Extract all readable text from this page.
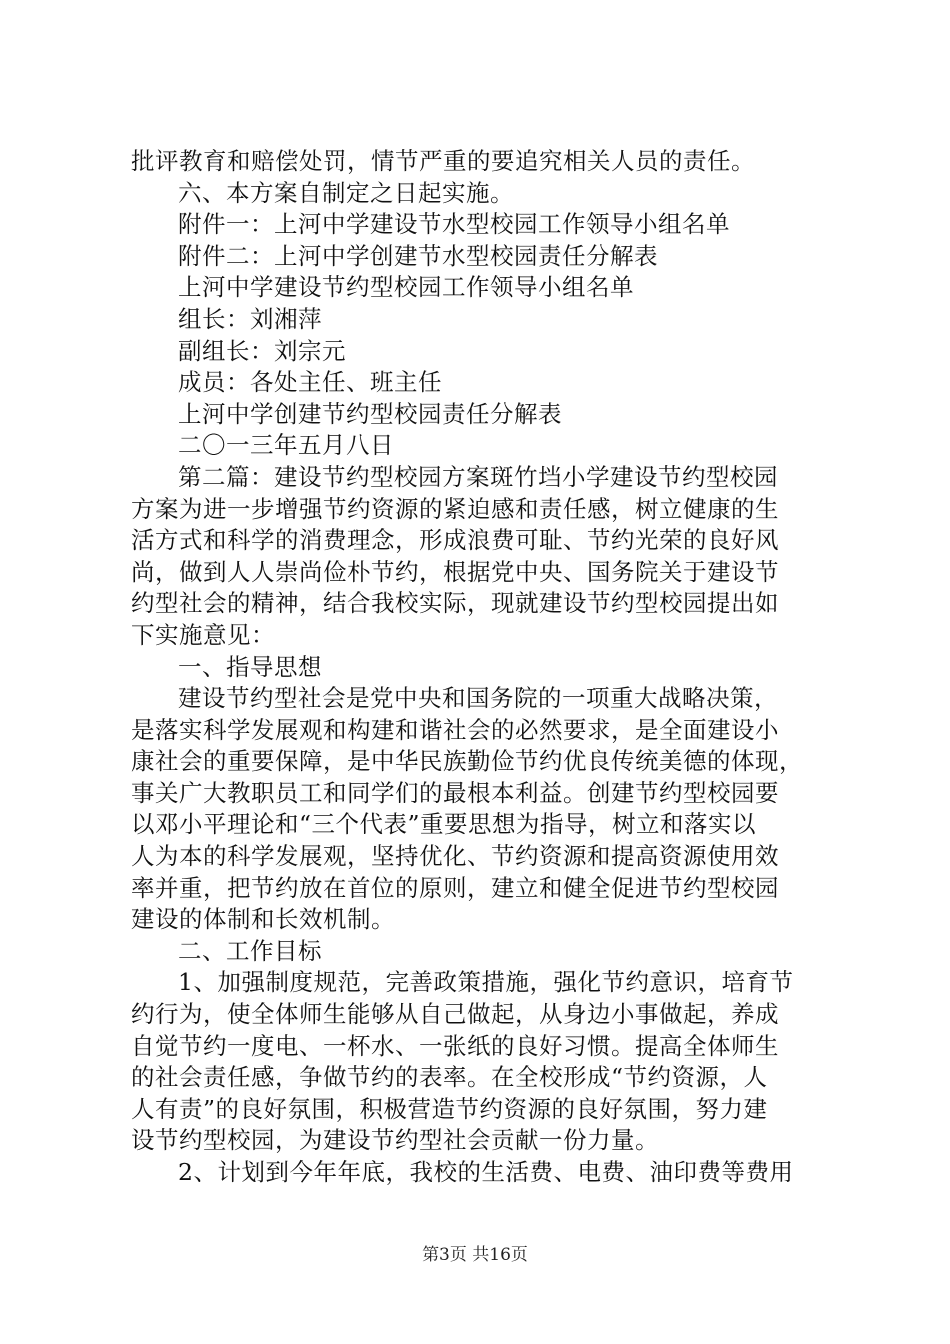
批评教育和赔偿处罚，情节严重的要追究相关人员的责任。
六、本方案自制定之日起实施。
附件一：上河中学建设节水型校园工作领导小组名单
附件二：上河中学创建节水型校园责任分解表
上河中学建设节约型校园工作领导小组名单
组长：刘湘萍
副组长：刘宗元
成员：各处主任、班主任
上河中学创建节约型校园责任分解表
二〇一三年五月八日
第二篇：建设节约型校园方案斑竹垱小学建设节约型校园
方案为进一步增强节约资源的紧迫感和责任感，树立健康的生
活方式和科学的消费理念，形成浪费可耻、节约光荣的良好风
尚，做到人人崇尚俭朴节约，根据党中央、国务院关于建设节
约型社会的精神，结合我校实际，现就建设节约型校园提出如
下实施意见：
一、指导思想
建设节约型社会是党中央和国务院的一项重大战略决策，
是落实科学发展观和构建和谐社会的必然要求，是全面建设小
康社会的重要保障，是中华民族勤俭节约优良传统美德的体现，
事关广大教职员工和同学们的最根本利益。创建节约型校园要
以邓小平理论和“三个代表”重要思想为指导，树立和落实以
人为本的科学发展观，坚持优化、节约资源和提高资源使用效
率并重，把节约放在首位的原则，建立和健全促进节约型校园
建设的体制和长效机制。
二、工作目标
1、加强制度规范，完善政策措施，强化节约意识，培育节
约行为，使全体师生能够从自己做起，从身边小事做起，养成
自觉节约一度电、一杯水、一张纸的良好习惯。提高全体师生
的社会责任感，争做节约的表率。在全校形成“节约资源，人
人有责”的良好氛围，积极营造节约资源的良好氛围，努力建
设节约型校园，为建设节约型社会贡献一份力量。
2、计划到今年年底，我校的生活费、电费、油印费等费用
第3页 共16页
